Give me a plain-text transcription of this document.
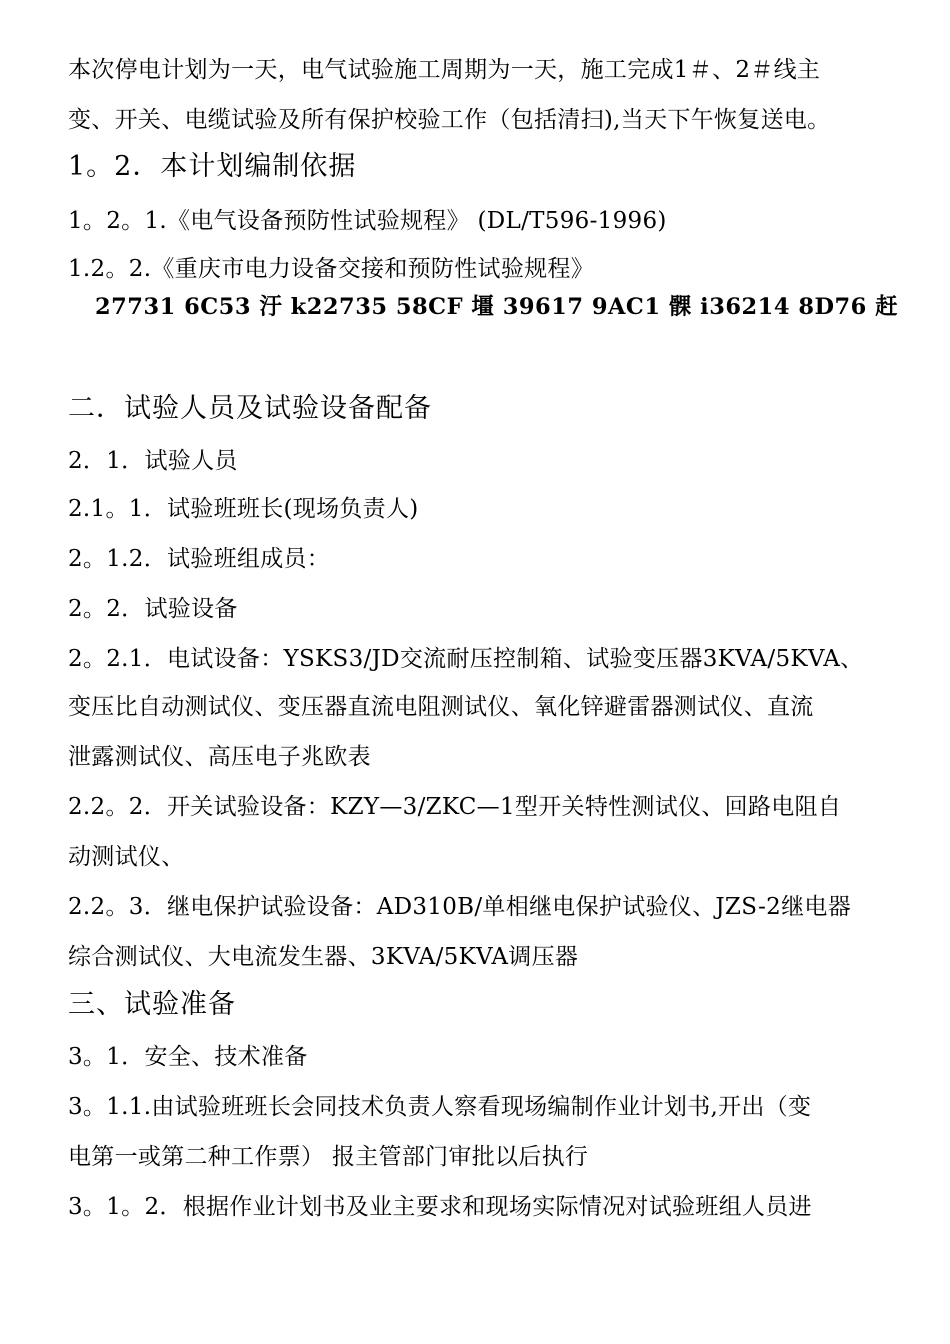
本次停电计划为一天，电气试验施工周期为一天，施工完成1＃、2＃线主
变、开关、电缆试验及所有保护校验工作（包括清扫),当天下午恢复送电。
1。2．本计划编制依据
1。2。1.《电气设备预防性试验规程》 (DL/T596-1996)
1.2。2.《重庆市电力设备交接和预防性试验规程》
27731 6C53 汙 k22735 58CF 壃 39617 9AC1 髁 i36214 8D76 赶
二．试验人员及试验设备配备
2．1．试验人员
2.1。1．试验班班长(现场负责人)
2。1.2．试验班组成员：
2。2．试验设备
2。2.1．电试设备：YSKS3/JD交流耐压控制箱、试验变压器3KVA/5KVA、
变压比自动测试仪、变压器直流电阻测试仪、氧化锌避雷器测试仪、直流
泄露测试仪、高压电子兆欧表
2.2。2．开关试验设备：KZY—3/ZKC—1型开关特性测试仪、回路电阻自
动测试仪、
2.2。3．继电保护试验设备：AD310B/单相继电保护试验仪、JZS-2继电器
综合测试仪、大电流发生器、3KVA/5KVA调压器
三、试验准备
3。1．安全、技术准备
3。1.1.由试验班班长会同技术负责人察看现场编制作业计划书,开出（变
电第一或第二种工作票） 报主管部门审批以后执行
3。1。2．根据作业计划书及业主要求和现场实际情况对试验班组人员进
